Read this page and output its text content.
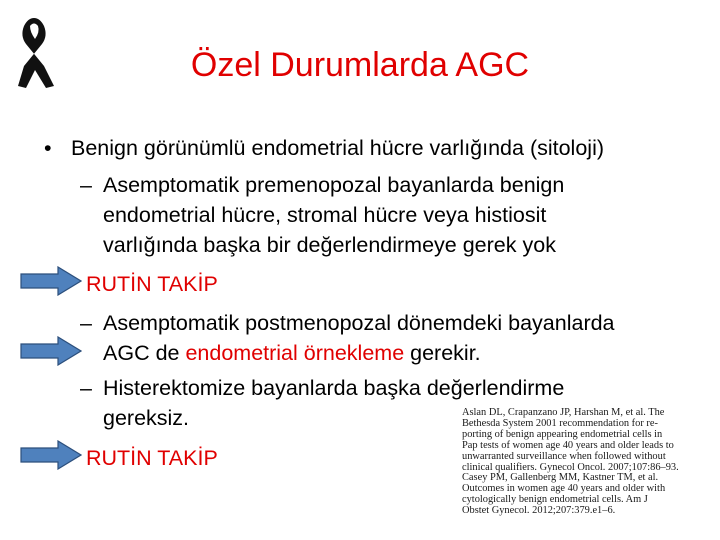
Özel Durumlarda AGC
• Benign görünümlü endometrial hücre varlığında (sitoloji)
– Asemptomatik premenopozal bayanlarda benign
endometrial hücre, stromal hücre veya histiosit
varlığında başka bir değerlendirmeye gerek yok
RUTİN TAKİP
– Asemptomatik postmenopozal dönemdeki bayanlarda
AGC de endometrial örnekleme gerekir.
– Histerektomize bayanlarda başka değerlendirme
gereksiz.
RUTİN TAKİP
Aslan DL, Crapanzano JP, Harshan M, et al. The
Bethesda System 2001 recommendation for re-
porting of benign appearing endometrial cells in
Pap tests of women age 40 years and older leads to
unwarranted surveillance when followed without
clinical qualifiers. Gynecol Oncol. 2007;107:86–93.
Casey PM, Gallenberg MM, Kastner TM, et al.
Outcomes in women age 40 years and older with
cytologically benign endometrial cells. Am J
Obstet Gynecol. 2012;207:379.e1–6.
